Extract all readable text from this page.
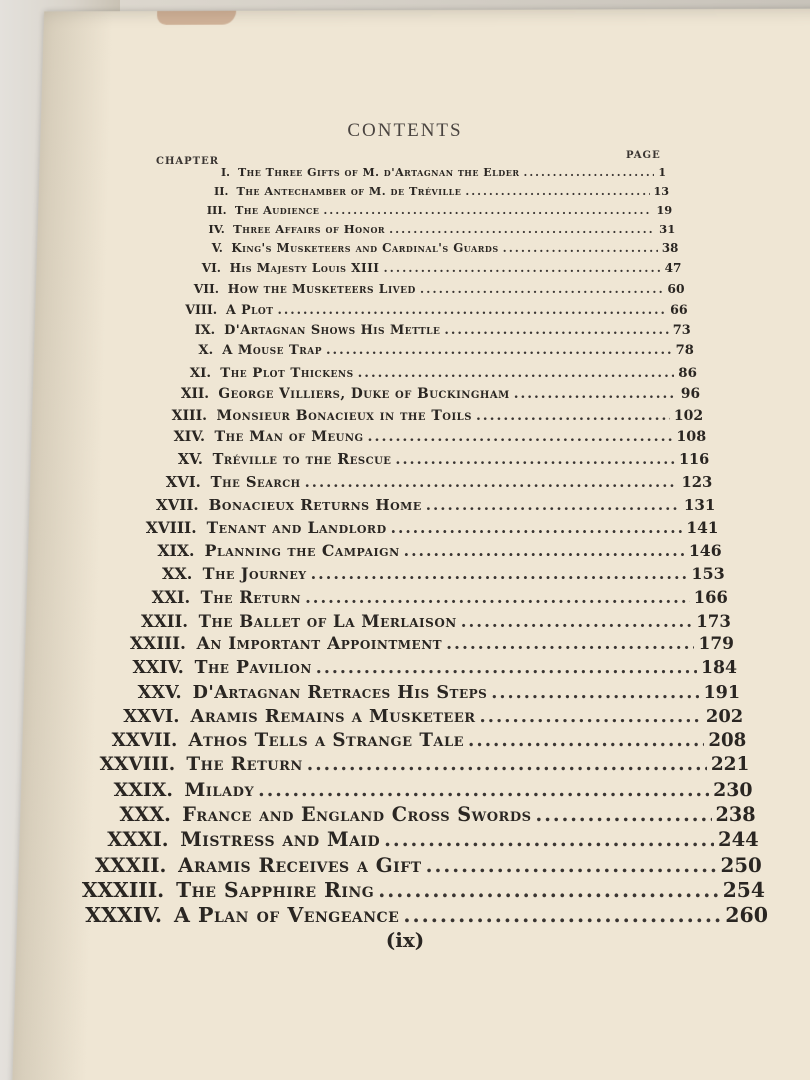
CONTENTS
CHAPTER
PAGE
I. The Three Gifts of M. d'Artagnan the Elder .....	1
II. The Antechamber of M. de Tréville .....	13
III. The Audience .....	19
IV. Three Affairs of Honor .....	31
V. King's Musketeers and Cardinal's Guards .....	38
VI. His Majesty Louis XIII .....	47
VII. How the Musketeers Lived .....	60
VIII. A Plot .....	66
IX. D'Artagnan Shows His Mettle .....	73
X. A Mouse Trap .....	78
XI. The Plot Thickens .....	86
XII. George Villiers, Duke of Buckingham .....	96
XIII. Monsieur Bonacieux in the Toils .....	102
XIV. The Man of Meung .....	108
XV. Tréville to the Rescue .....	116
XVI. The Search .....	123
XVII. Bonacieux Returns Home .....	131
XVIII. Tenant and Landlord .....	141
XIX. Planning the Campaign .....	146
XX. The Journey .....	153
XXI. The Return .....	166
XXII. The Ballet of La Merlaison .....	173
XXIII. An Important Appointment .....	179
XXIV. The Pavilion .....	184
XXV. D'Artagnan Retraces His Steps .....	191
XXVI. Aramis Remains a Musketeer .....	202
XXVII. Athos Tells a Strange Tale .....	208
XXVIII. The Return .....	221
XXIX. Milady .....	230
XXX. France and England Cross Swords .....	238
XXXI. Mistress and Maid .....	244
XXXII. Aramis Receives a Gift .....	250
XXXIII. The Sapphire Ring .....	254
XXXIV. A Plan of Vengeance .....	260
(ix)
